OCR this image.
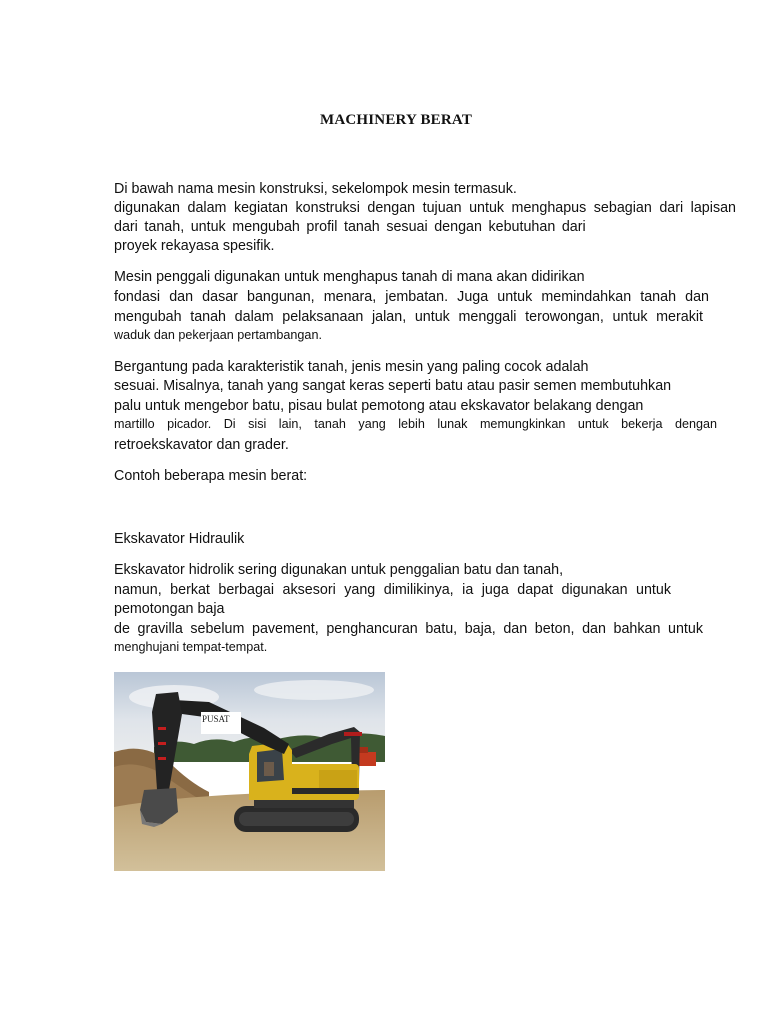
MACHINERY BERAT
Di bawah nama mesin konstruksi, sekelompok mesin termasuk.
digunakan dalam kegiatan konstruksi dengan tujuan untuk menghapus sebagian dari lapisan
dari tanah, untuk mengubah profil tanah sesuai dengan kebutuhan dari
proyek rekayasa spesifik.
Mesin penggali digunakan untuk menghapus tanah di mana akan didirikan
fondasi dan dasar bangunan, menara, jembatan. Juga untuk memindahkan tanah dan
mengubah tanah dalam pelaksanaan jalan, untuk menggali terowongan, untuk merakit
waduk dan pekerjaan pertambangan.
Bergantung pada karakteristik tanah, jenis mesin yang paling cocok adalah
sesuai. Misalnya, tanah yang sangat keras seperti batu atau pasir semen membutuhkan
palu untuk mengebor batu, pisau bulat pemotong atau ekskavator belakang dengan
martillo picador. Di sisi lain, tanah yang lebih lunak memungkinkan untuk bekerja dengan
retroekskavator dan grader.
Contoh beberapa mesin berat:
Ekskavator Hidraulik
Ekskavator hidrolik sering digunakan untuk penggalian batu dan tanah,
namun, berkat berbagai aksesori yang dimilikinya, ia juga dapat digunakan untuk
pemotongan baja
de gravilla sebelum pavement, penghancuran batu, baja, dan beton, dan bahkan untuk
menghujani tempat-tempat.
PUSAT
